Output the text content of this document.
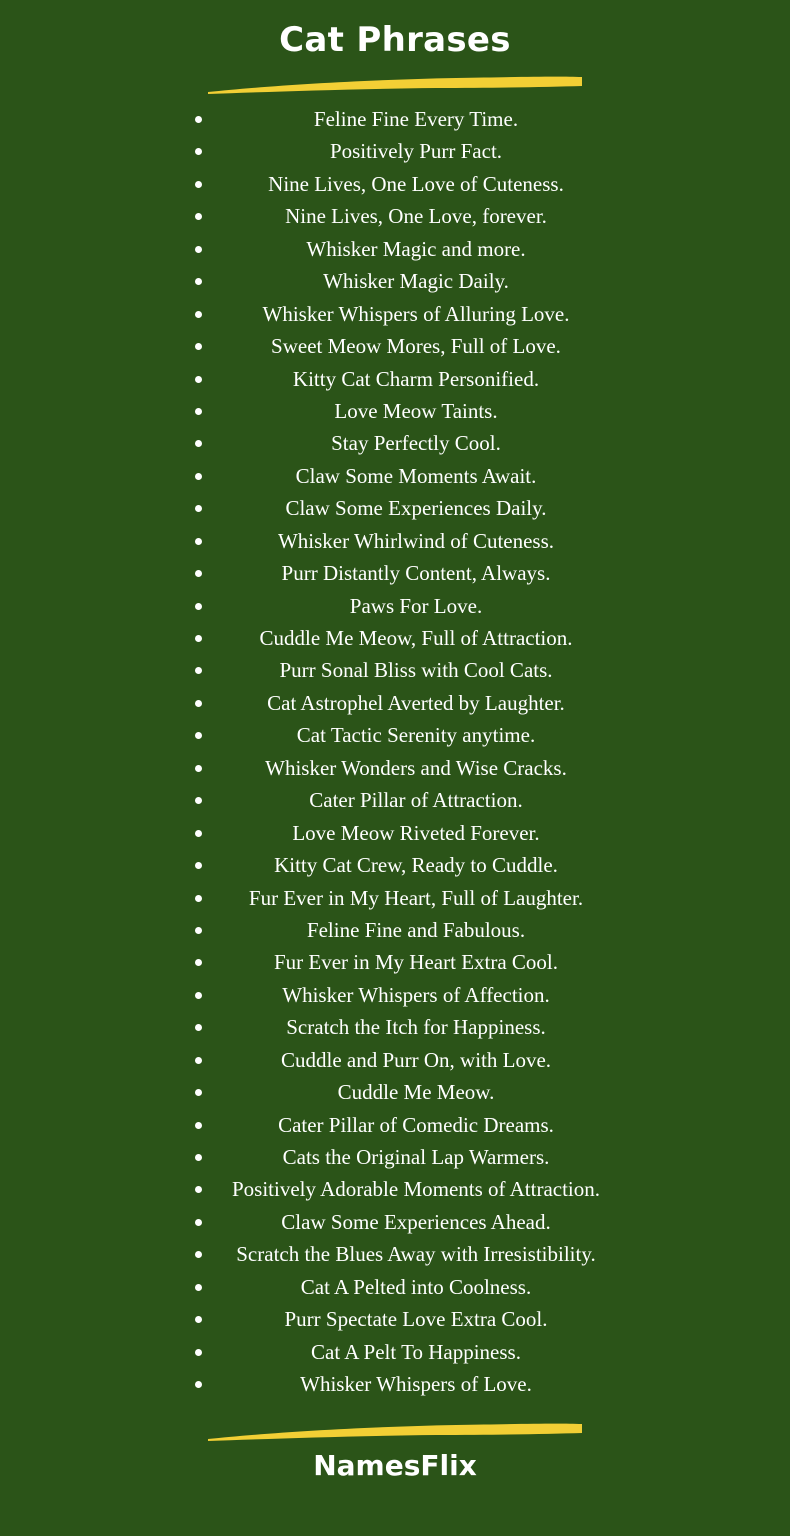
Cat Phrases
Feline Fine Every Time.
Positively Purr Fact.
Nine Lives, One Love of Cuteness.
Nine Lives, One Love, forever.
Whisker Magic and more.
Whisker Magic Daily.
Whisker Whispers of Alluring Love.
Sweet Meow Mores, Full of Love.
Kitty Cat Charm Personified.
Love Meow Taints.
Stay Perfectly Cool.
Claw Some Moments Await.
Claw Some Experiences Daily.
Whisker Whirlwind of Cuteness.
Purr Distantly Content, Always.
Paws For Love.
Cuddle Me Meow, Full of Attraction.
Purr Sonal Bliss with Cool Cats.
Cat Astrophel Averted by Laughter.
Cat Tactic Serenity anytime.
Whisker Wonders and Wise Cracks.
Cater Pillar of Attraction.
Love Meow Riveted Forever.
Kitty Cat Crew, Ready to Cuddle.
Fur Ever in My Heart, Full of Laughter.
Feline Fine and Fabulous.
Fur Ever in My Heart Extra Cool.
Whisker Whispers of Affection.
Scratch the Itch for Happiness.
Cuddle and Purr On, with Love.
Cuddle Me Meow.
Cater Pillar of Comedic Dreams.
Cats the Original Lap Warmers.
Positively Adorable Moments of Attraction.
Claw Some Experiences Ahead.
Scratch the Blues Away with Irresistibility.
Cat A Pelted into Coolness.
Purr Spectate Love Extra Cool.
Cat A Pelt To Happiness.
Whisker Whispers of Love.
NamesFlix
